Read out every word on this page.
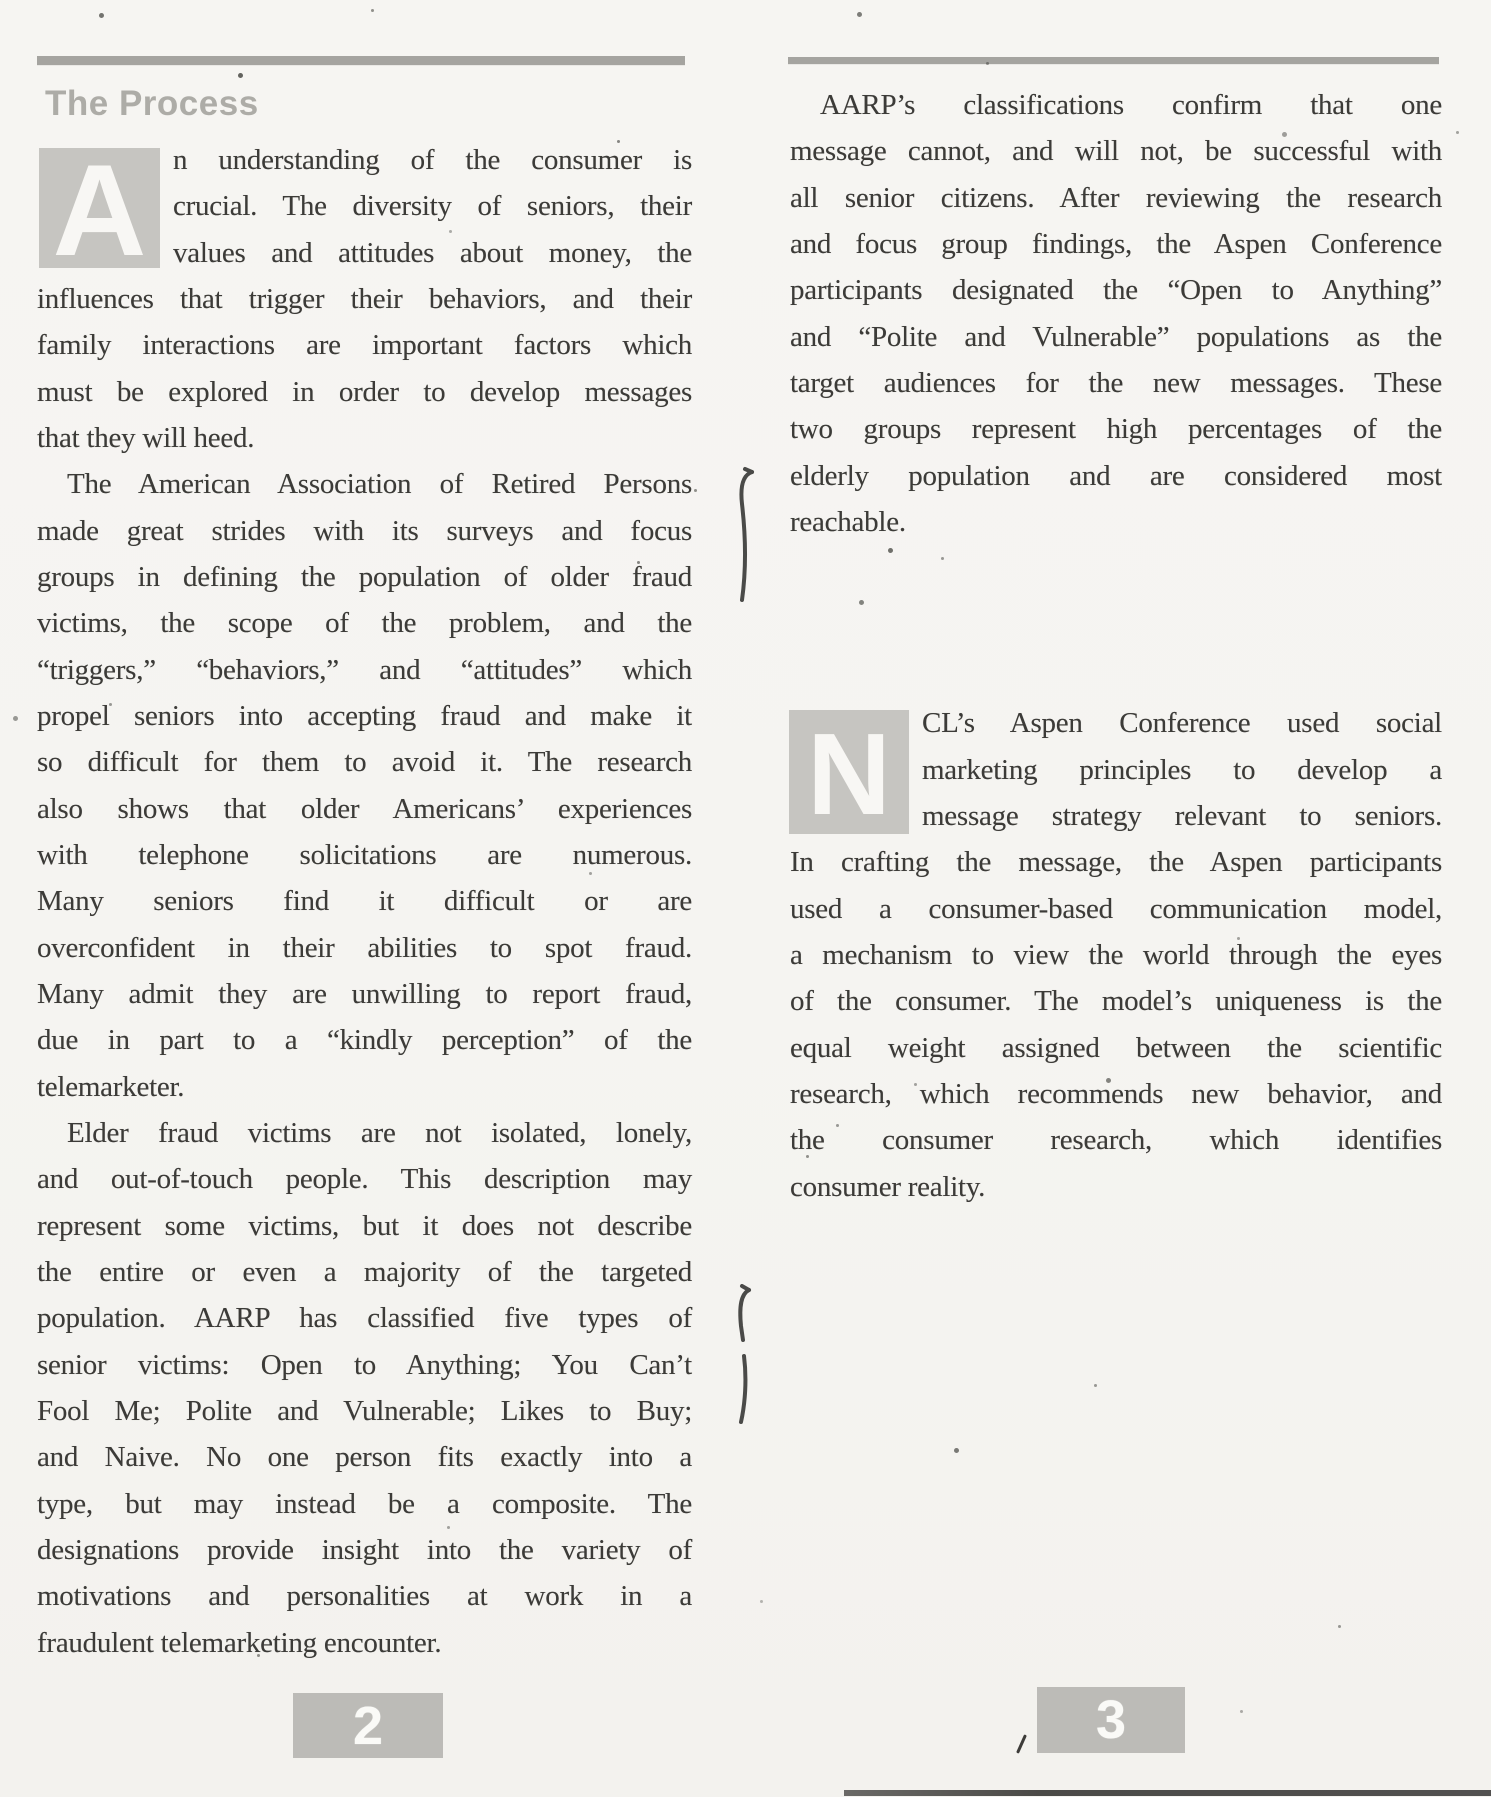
The Process
A n understanding of the consumer is
crucial. The diversity of seniors, their
values and attitudes about money, the
influences that trigger their behaviors, and their
family interactions are important factors which
must be explored in order to develop messages
that they will heed.
The American Association of Retired Persons
made great strides with its surveys and focus
groups in defining the population of older fraud
victims, the scope of the problem, and the
“triggers,” “behaviors,” and “attitudes” which
propel seniors into accepting fraud and make it
so difficult for them to avoid it. The research
also shows that older Americans’ experiences
with telephone solicitations are numerous.
Many seniors find it difficult or are
overconfident in their abilities to spot fraud.
Many admit they are unwilling to report fraud,
due in part to a “kindly perception” of the
telemarketer.
Elder fraud victims are not isolated, lonely,
and out-of-touch people. This description may
represent some victims, but it does not describe
the entire or even a majority of the targeted
population. AARP has classified five types of
senior victims: Open to Anything; You Can’t
Fool Me; Polite and Vulnerable; Likes to Buy;
and Naive. No one person fits exactly into a
type, but may instead be a composite. The
designations provide insight into the variety of
motivations and personalities at work in a
fraudulent telemarketing encounter.
N
AARP’s classifications confirm that one
message cannot, and will not, be successful with
all senior citizens. After reviewing the research
and focus group findings, the Aspen Conference
participants designated the “Open to Anything”
and “Polite and Vulnerable” populations as the
target audiences for the new messages. These
two groups represent high percentages of the
elderly population and are considered most
reachable.
CL’s Aspen Conference used social
marketing principles to develop a
message strategy relevant to seniors.
In crafting the message, the Aspen participants
used a consumer-based communication model,
a mechanism to view the world through the eyes
of the consumer. The model’s uniqueness is the
equal weight assigned between the scientific
research, which recommends new behavior, and
the consumer research, which identifies
consumer reality.
2	3
